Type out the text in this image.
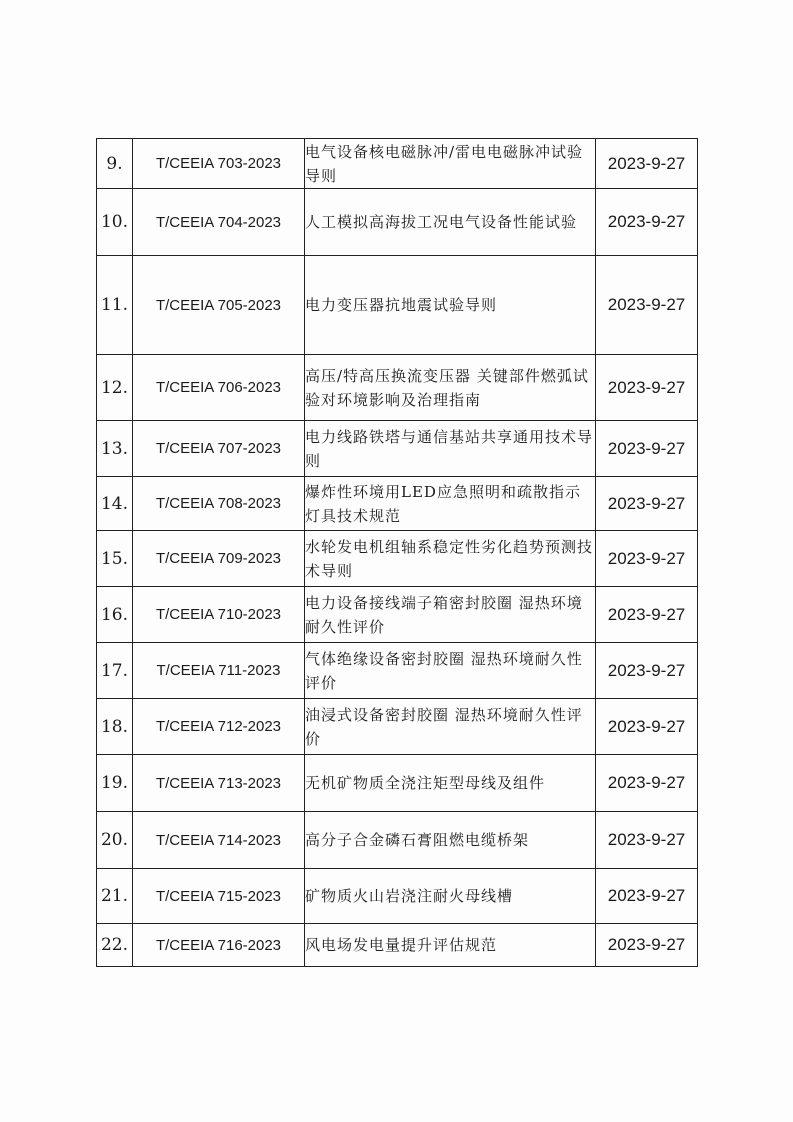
9.	T/CEEIA 703-2023	电气设备核电磁脉冲/雷电电磁脉冲试验导则	2023-9-27
10.	T/CEEIA 704-2023	人工模拟高海拔工况电气设备性能试验	2023-9-27
11.	T/CEEIA 705-2023	电力变压器抗地震试验导则	2023-9-27
12.	T/CEEIA 706-2023	高压/特高压换流变压器 关键部件燃弧试验对环境影响及治理指南	2023-9-27
13.	T/CEEIA 707-2023	电力线路铁塔与通信基站共享通用技术导则	2023-9-27
14.	T/CEEIA 708-2023	爆炸性环境用LED应急照明和疏散指示灯具技术规范	2023-9-27
15.	T/CEEIA 709-2023	水轮发电机组轴系稳定性劣化趋势预测技术导则	2023-9-27
16.	T/CEEIA 710-2023	电力设备接线端子箱密封胶圈 湿热环境耐久性评价	2023-9-27
17.	T/CEEIA 711-2023	气体绝缘设备密封胶圈 湿热环境耐久性评价	2023-9-27
18.	T/CEEIA 712-2023	油浸式设备密封胶圈 湿热环境耐久性评价	2023-9-27
19.	T/CEEIA 713-2023	无机矿物质全浇注矩型母线及组件	2023-9-27
20.	T/CEEIA 714-2023	高分子合金磷石膏阻燃电缆桥架	2023-9-27
21.	T/CEEIA 715-2023	矿物质火山岩浇注耐火母线槽	2023-9-27
22.	T/CEEIA 716-2023	风电场发电量提升评估规范	2023-9-27
